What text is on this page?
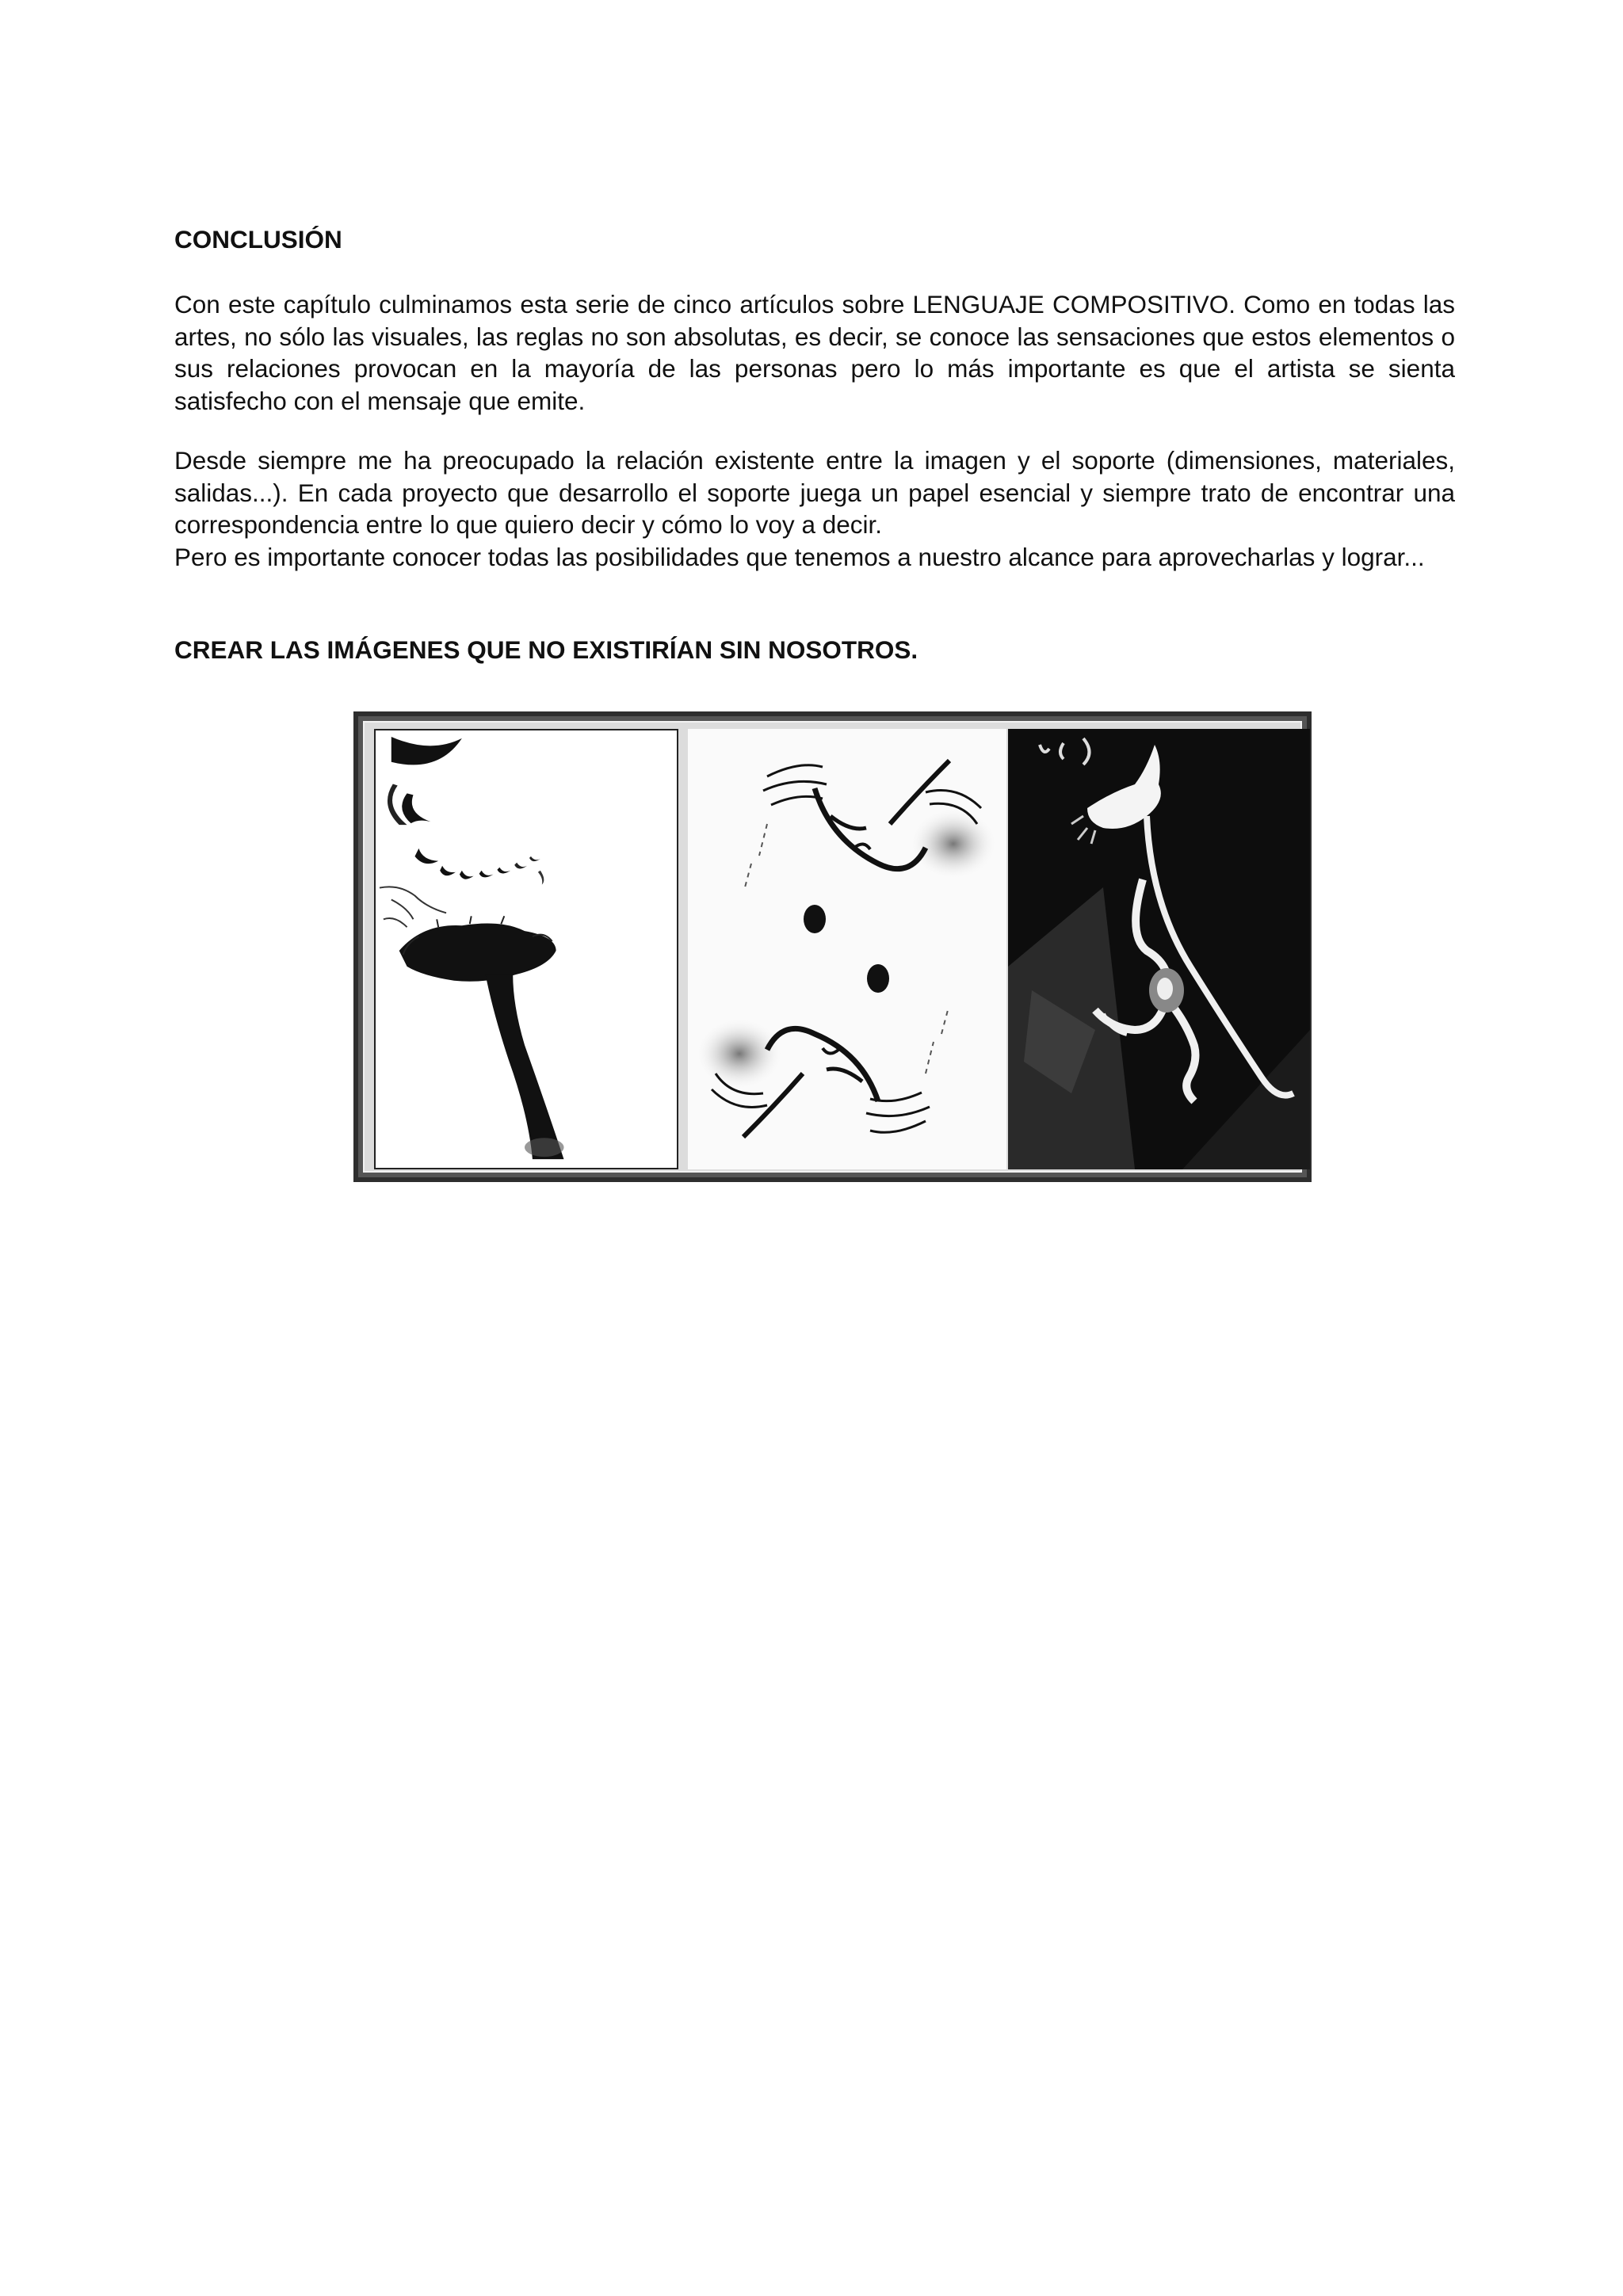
CONCLUSIÓN

Con este capítulo culminamos esta serie de cinco artículos sobre LENGUAJE COMPOSITIVO. Como en todas las artes, no sólo las visuales, las reglas no son absolutas, es decir, se conoce las sensaciones que estos elementos o sus relaciones provocan en la mayoría de las personas pero lo más importante es que el artista se sienta satisfecho con el mensaje que emite.

Desde siempre me ha preocupado la relación existente entre la imagen y el soporte (dimensiones, materiales, salidas...). En cada proyecto que desarrollo el soporte juega un papel esencial y siempre trato de encontrar una correspondencia entre lo que quiero decir y cómo lo voy a decir.
Pero es importante conocer todas las posibilidades que tenemos a nuestro alcance para aprovecharlas y lograr...

CREAR LAS IMÁGENES QUE NO EXISTIRÍAN SIN NOSOTROS.
